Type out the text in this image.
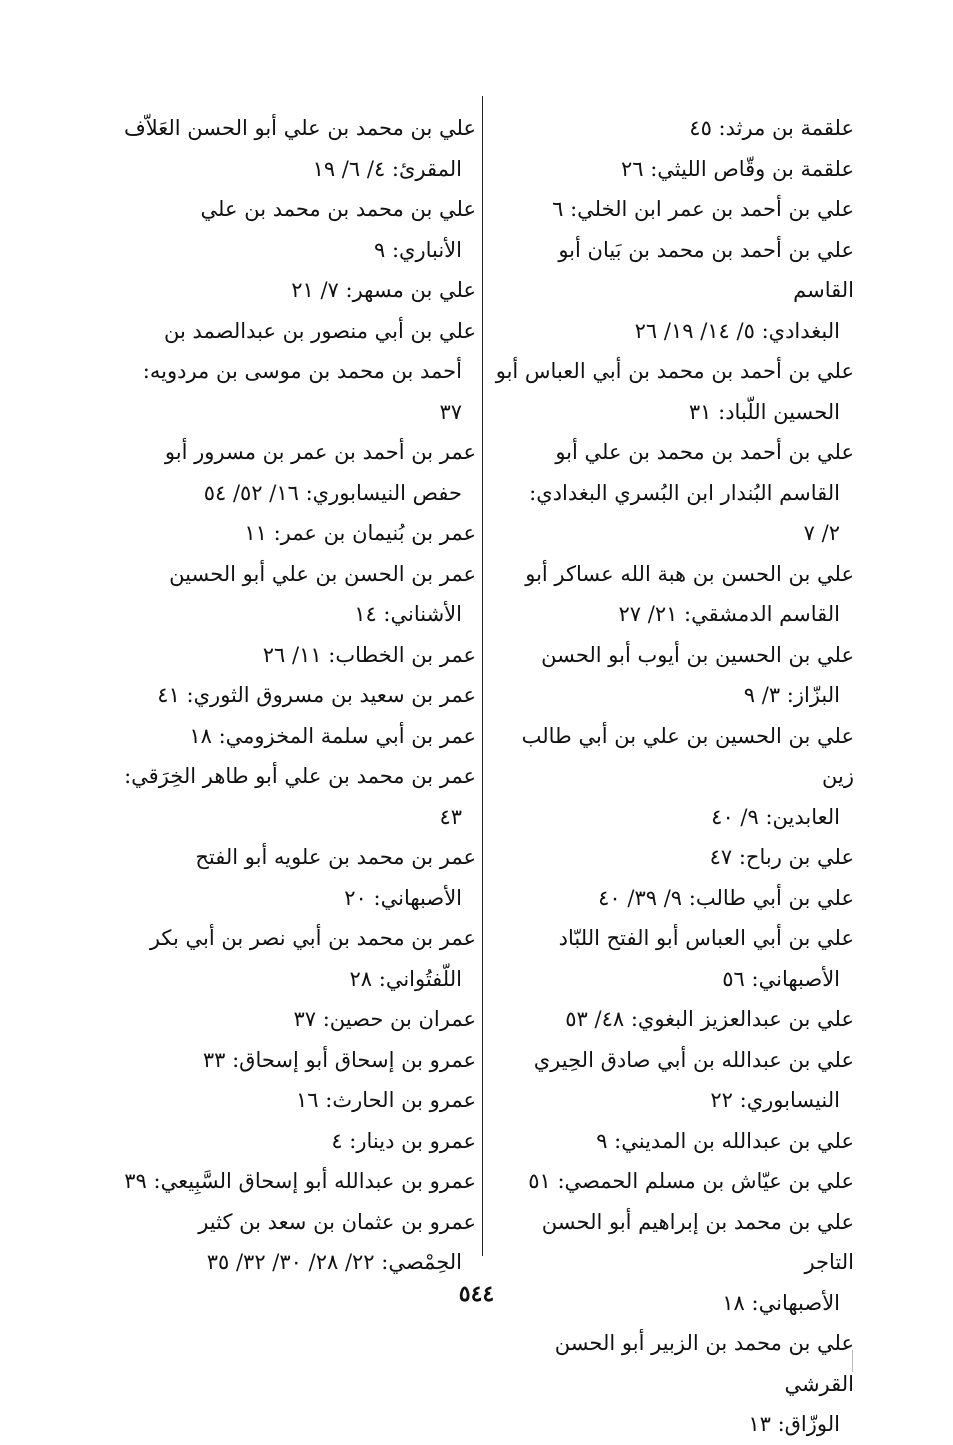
علقمة بن مرثد: ٤٥
علقمة بن وقّاص الليثي: ٢٦
علي بن أحمد بن عمر ابن الخلي: ٦
علي بن أحمد بن محمد بن بَيان أبو القاسم
البغدادي: ٥/ ١٤/ ١٩/ ٢٦
علي بن أحمد بن محمد بن أبي العباس أبو
الحسين اللّباد: ٣١
علي بن أحمد بن محمد بن علي أبو
القاسم البُندار ابن البُسري البغدادي:
٢/ ٧
علي بن الحسن بن هبة الله عساكر أبو
القاسم الدمشقي: ٢١/ ٢٧
علي بن الحسين بن أيوب أبو الحسن
البزّاز: ٣/ ٩
علي بن الحسين بن علي بن أبي طالب زين
العابدين: ٩/ ٤٠
علي بن رباح: ٤٧
علي بن أبي طالب: ٩/ ٣٩/ ٤٠
علي بن أبي العباس أبو الفتح اللبّاد
الأصبهاني: ٥٦
علي بن عبدالعزيز البغوي: ٤٨/ ٥٣
علي بن عبدالله بن أبي صادق الحِيري
النيسابوري: ٢٢
علي بن عبدالله بن المديني: ٩
علي بن عيّاش بن مسلم الحمصي: ٥١
علي بن محمد بن إبراهيم أبو الحسن التاجر
الأصبهاني: ١٨
علي بن محمد بن الزبير أبو الحسن القرشي
الوزّاق: ١٣
علي بن محمد بن علي أبو الحسن العَلاّف
المقرئ: ٤/ ٦/ ١٩
علي بن محمد بن محمد بن علي
الأنباري: ٩
علي بن مسهر: ٧/ ٢١
علي بن أبي منصور بن عبدالصمد بن
أحمد بن محمد بن موسى بن مردويه:
٣٧
عمر بن أحمد بن عمر بن مسرور أبو
حفص النيسابوري: ١٦/ ٥٢/ ٥٤
عمر بن بُنيمان بن عمر: ١١
عمر بن الحسن بن علي أبو الحسين
الأشناني: ١٤
عمر بن الخطاب: ١١/ ٢٦
عمر بن سعيد بن مسروق الثوري: ٤١
عمر بن أبي سلمة المخزومي: ١٨
عمر بن محمد بن علي أبو طاهر الخِرَقي:
٤٣
عمر بن محمد بن علويه أبو الفتح
الأصبهاني: ٢٠
عمر بن محمد بن أبي نصر بن أبي بكر
اللّفتُواني: ٢٨
عمران بن حصين: ٣٧
عمرو بن إسحاق أبو إسحاق: ٣٣
عمرو بن الحارث: ١٦
عمرو بن دينار: ٤
عمرو بن عبدالله أبو إسحاق السَّبِيعي: ٣٩
عمرو بن عثمان بن سعد بن كثير
الحِمْصي: ٢٢/ ٢٨/ ٣٠/ ٣٢/ ٣٥
٥٤٤
